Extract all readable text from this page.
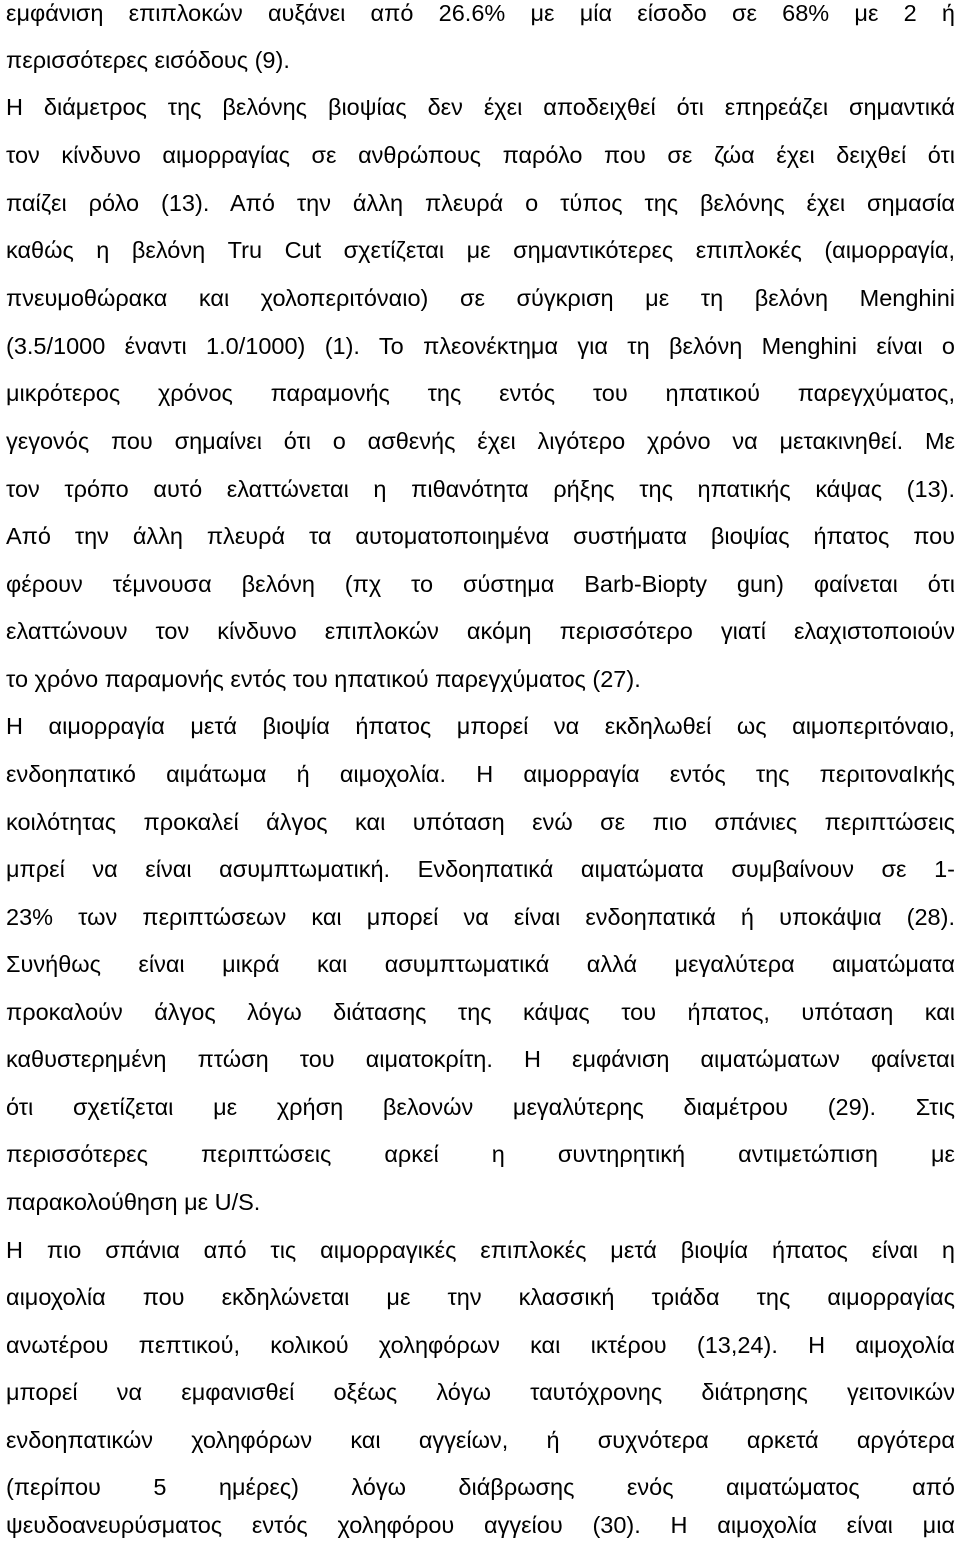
εμφάνιση επιπλοκών αυξάνει από 26.6% με μία είσοδο σε 68% με 2 ή
περισσότερες εισόδους (9).
Η διάμετρος της βελόνης βιοψίας δεν έχει αποδειχθεί ότι επηρεάζει σημαντικά
τον κίνδυνο αιμορραγίας σε ανθρώπους παρόλο που σε ζώα έχει δειχθεί ότι
παίζει ρόλο (13). Από την άλλη πλευρά ο τύπος της βελόνης έχει σημασία
καθώς η βελόνη Tru Cut σχετίζεται με σημαντικότερες επιπλοκές (αιμορραγία,
πνευμοθώρακα και χολοπεριτόναιο) σε σύγκριση με τη βελόνη Menghini
(3.5/1000 έναντι 1.0/1000) (1). Το πλεονέκτημα για τη βελόνη Menghini είναι ο
μικρότερος χρόνος παραμονής της εντός του ηπατικού παρεγχύματος,
γεγονός που σημαίνει ότι ο ασθενής έχει λιγότερο χρόνο να μετακινηθεί. Με
τον τρόπο αυτό ελαττώνεται η πιθανότητα ρήξης της ηπατικής κάψας (13).
Από την άλλη πλευρά τα αυτοματοποιημένα συστήματα βιοψίας ήπατος που
φέρουν τέμνουσα βελόνη (πχ το σύστημα Barb-Biopty gun) φαίνεται ότι
ελαττώνουν τον κίνδυνο επιπλοκών ακόμη περισσότερο γιατί ελαχιστοποιούν
το χρόνο παραμονής εντός του ηπατικού παρεγχύματος (27).
Η αιμορραγία μετά βιοψία ήπατος μπορεί να εκδηλωθεί ως αιμοπεριτόναιο,
ενδοηπατικό αιμάτωμα ή αιμοχολία. Η αιμορραγία εντός της περιτοναΙκής
κοιλότητας προκαλεί άλγος και υπόταση ενώ σε πιο σπάνιες περιπτώσεις
μπρεί να είναι ασυμπτωματική. Ενδοηπατικά αιματώματα συμβαίνουν σε 1-
23% των περιπτώσεων και μπορεί να είναι ενδοηπατικά ή υποκάψια (28).
Συνήθως είναι μικρά και ασυμπτωματικά αλλά μεγαλύτερα αιματώματα
προκαλούν άλγος λόγω διάτασης της κάψας του ήπατος, υπόταση και
καθυστερημένη πτώση του αιματοκρίτη. Η εμφάνιση αιματώματων φαίνεται
ότι σχετίζεται με χρήση βελονών μεγαλύτερης διαμέτρου (29). Στις
περισσότερες περιπτώσεις αρκεί η συντηρητική αντιμετώπιση με
παρακολούθηση με U/S.
Η πιο σπάνια από τις αιμορραγικές επιπλοκές μετά βιοψία ήπατος είναι η
αιμοχολία που εκδηλώνεται με την κλασσική τριάδα της αιμορραγίας
ανωτέρου πεπτικού, κολικού χοληφόρων και ικτέρου (13,24). Η αιμοχολία
μπορεί να εμφανισθεί οξέως λόγω ταυτόχρονης διάτρησης γειτονικών
ενδοηπατικών χοληφόρων και αγγείων, ή συχνότερα αρκετά αργότερα
(περίπου 5 ημέρες) λόγω διάβρωσης ενός αιματώματος από
ψευδοανευρύσματος εντός χοληφόρου αγγείου (30). Η αιμοχολία είναι μια
